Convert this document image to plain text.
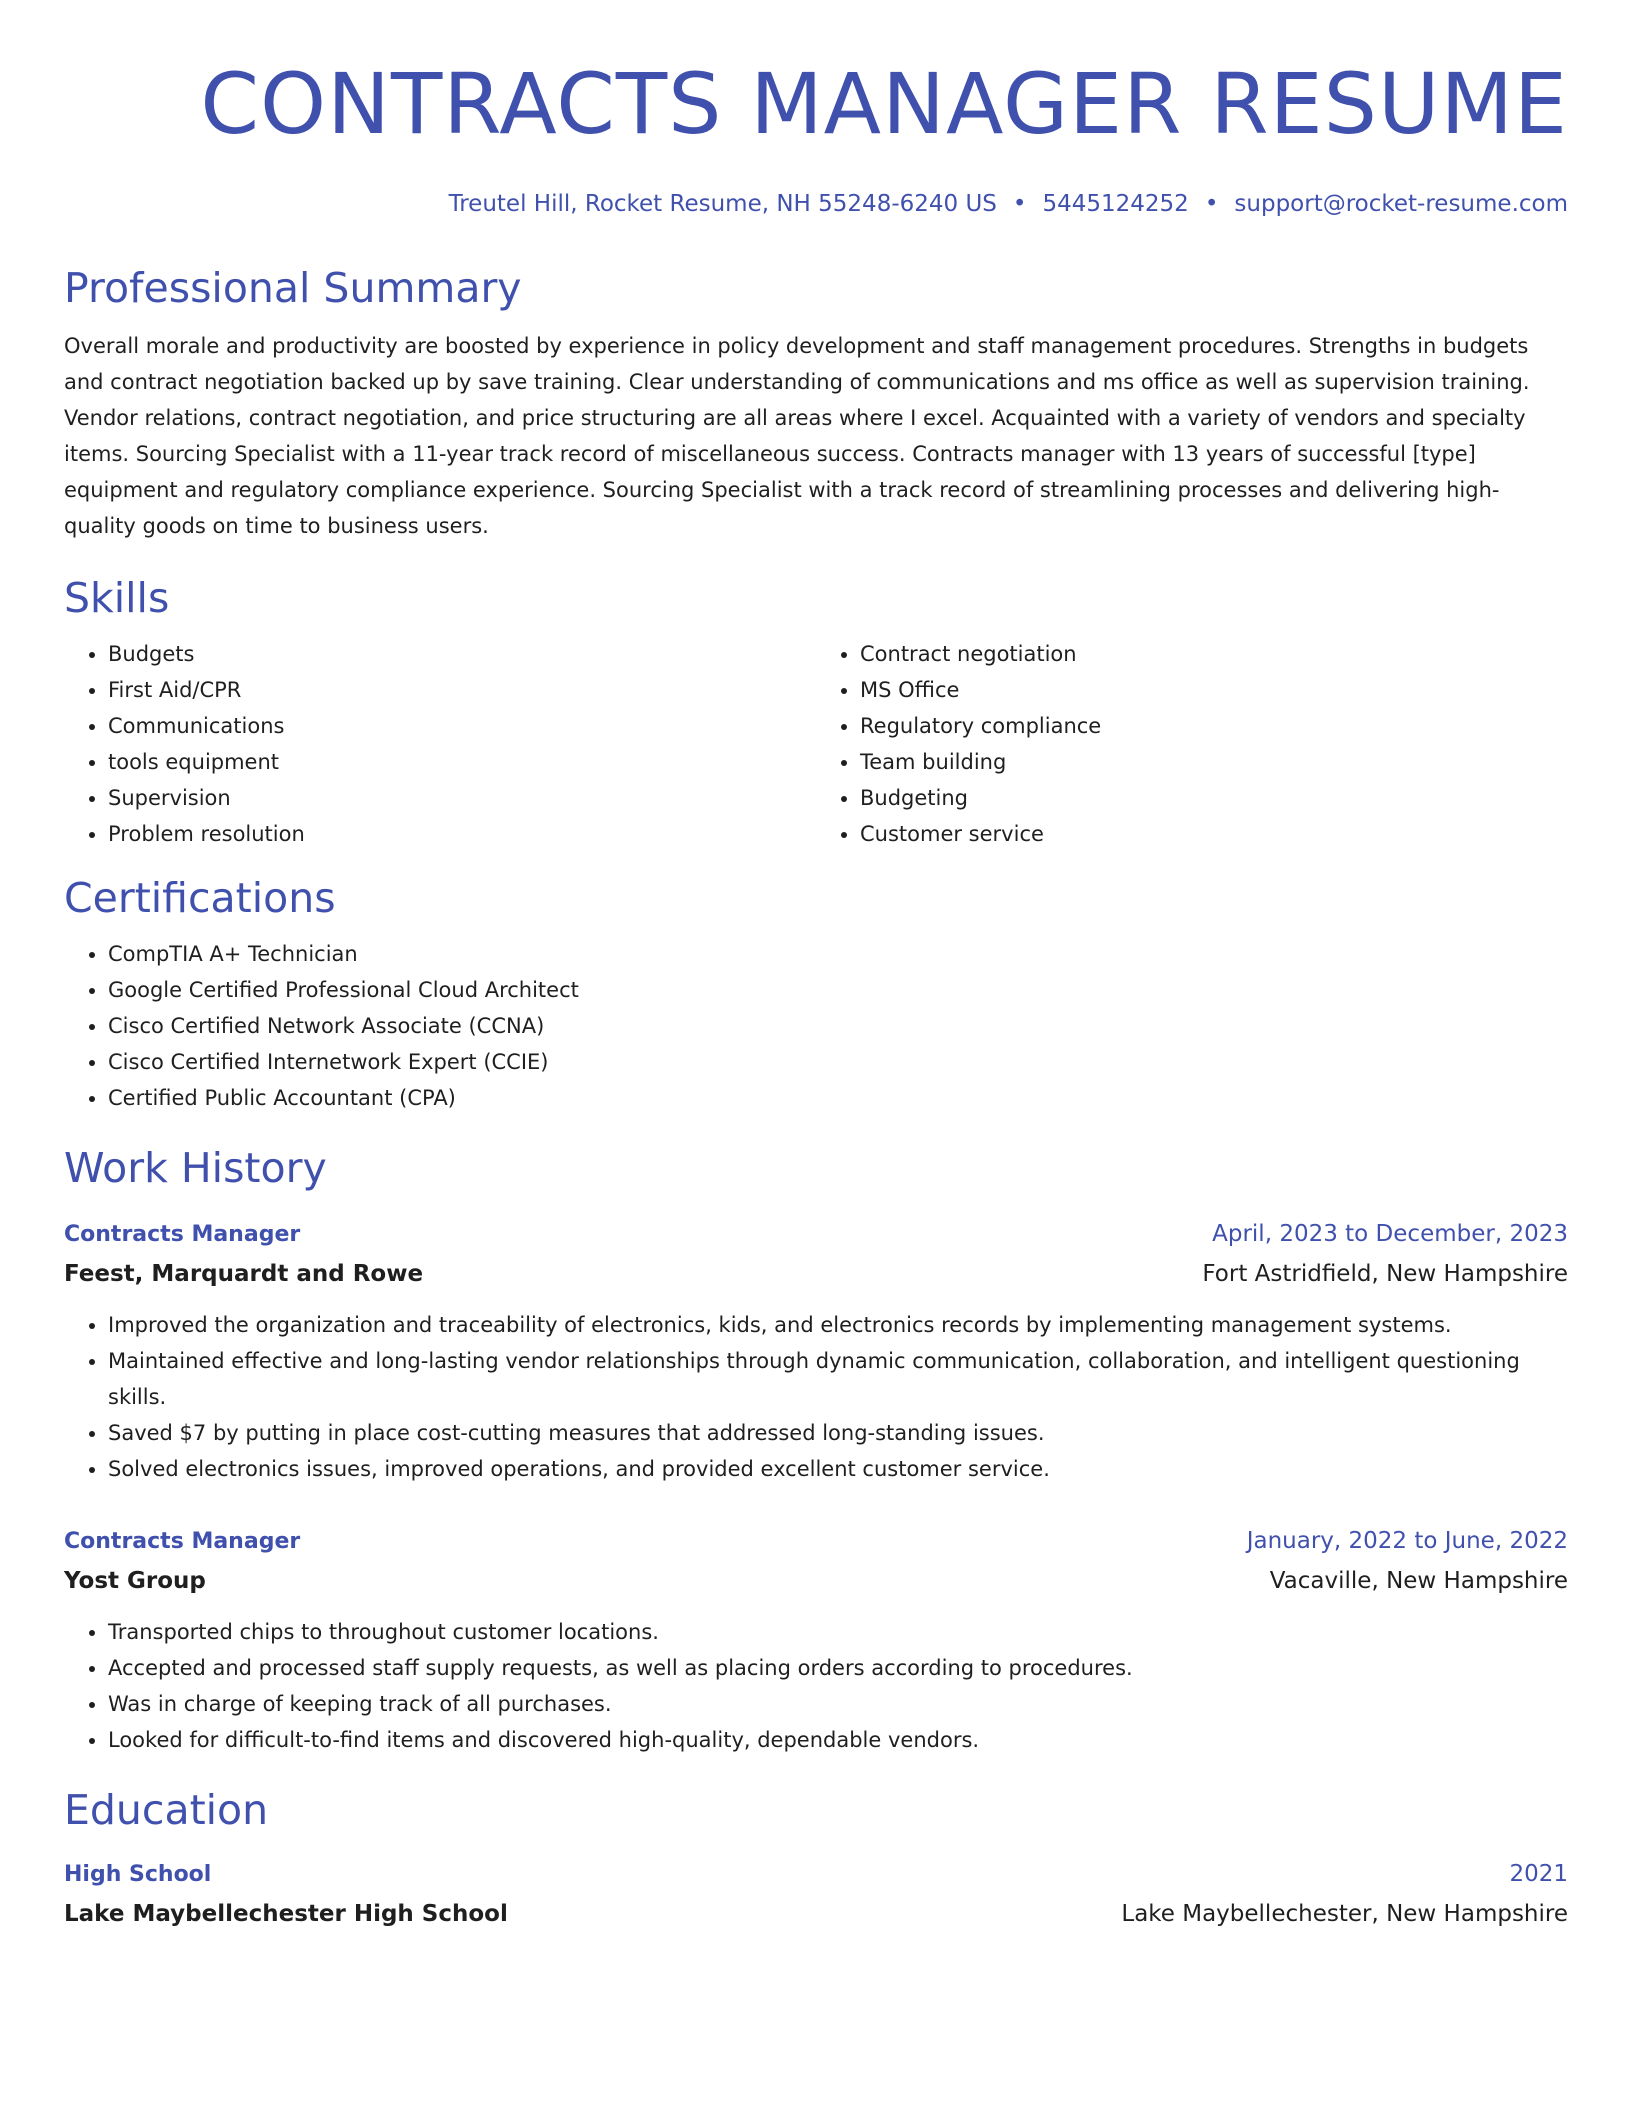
CONTRACTS MANAGER RESUME
Treutel Hill, Rocket Resume, NH 55248-6240 US • 5445124252 • support@rocket-resume.com
Professional Summary

Overall morale and productivity are boosted by experience in policy development and staff management procedures. Strengths in budgets and contract negotiation backed up by save training. Clear understanding of communications and ms office as well as supervision training. Vendor relations, contract negotiation, and price structuring are all areas where I excel. Acquainted with a variety of vendors and specialty items. Sourcing Specialist with a 11-year track record of miscellaneous success. Contracts manager with 13 years of successful [type] equipment and regulatory compliance experience. Sourcing Specialist with a track record of streamlining processes and delivering high-quality goods on time to business users.

Skills
• Budgets
• First Aid/CPR
• Communications
• tools equipment
• Supervision
• Problem resolution
• Contract negotiation
• MS Office
• Regulatory compliance
• Team building
• Budgeting
• Customer service
Certifications
• CompTIA A+ Technician
• Google Certified Professional Cloud Architect
• Cisco Certified Network Associate (CCNA)
• Cisco Certified Internetwork Expert (CCIE)
• Certified Public Accountant (CPA)
Work History
Contracts Manager	April, 2023 to December, 2023
Feest, Marquardt and Rowe	Fort Astridfield, New Hampshire
• Improved the organization and traceability of electronics, kids, and electronics records by implementing management systems.
• Maintained effective and long-lasting vendor relationships through dynamic communication, collaboration, and intelligent questioning skills.
• Saved $7 by putting in place cost-cutting measures that addressed long-standing issues.
• Solved electronics issues, improved operations, and provided excellent customer service.
Contracts Manager	January, 2022 to June, 2022
Yost Group	Vacaville, New Hampshire
• Transported chips to throughout customer locations.
• Accepted and processed staff supply requests, as well as placing orders according to procedures.
• Was in charge of keeping track of all purchases.
• Looked for difficult-to-find items and discovered high-quality, dependable vendors.
Education
High School	2021
Lake Maybellechester High School	Lake Maybellechester, New Hampshire
